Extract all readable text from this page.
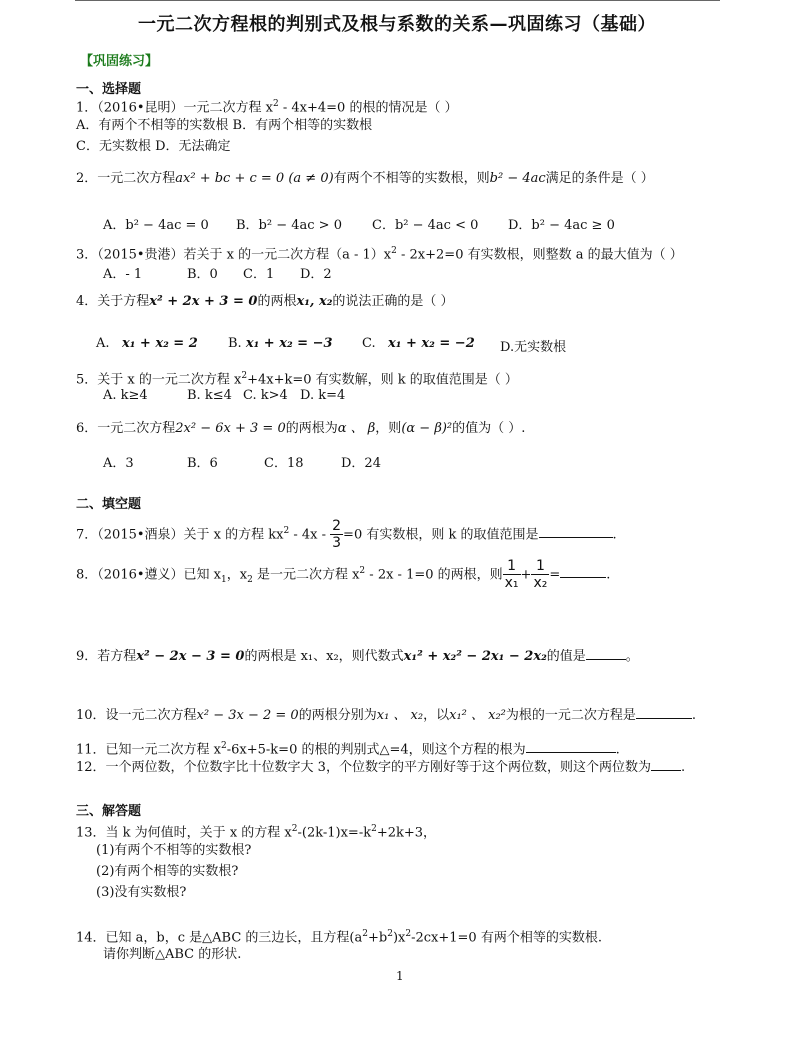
一元二次方程根的判别式及根与系数的关系—巩固练习（基础）
【巩固练习】
一、选择题
1．（2016•昆明）一元二次方程 $x^2 - 4x+4=0$ 的根的情况是（ ）
A．有两个不相等的实数根 B．有两个相等的实数根
C．无实数根 D．无法确定
2．一元二次方程ax² + bc + c = 0 (a ≠ 0)有两个不相等的实数根，则b² − 4ac满足的条件是（ ）
A．b² − 4ac = 0 B．b² − 4ac > 0 C．b² − 4ac < 0 D．b² − 4ac ≥ 0
3．（2015•贵港）若关于 x 的一元二次方程$(a - 1)x^2 - 2x+2=0$ 有实数根，则整数 a 的最大值为（ ）
A．- 1	B．0 C．1 D．2
4．关于方程x² + 2x + 3 = 0的两根x₁, x₂的说法正确的是（ ）
A. x₁ + x₂ = 2 B. x₁ + x₂ = −3 C. x₁ + x₂ = −2 D.无实数根
5．关于 x 的一元二次方程 $x^2+4x+k=0$ 有实数解，则 k 的取值范围是（ ）
A. k≥4	B. k≤4 C. k>4 D. k=4
6．一元二次方程2x² − 6x + 3 = 0的两根为α 、 β，则(α − β)²的值为（ ）.
A．3	B．6	C．18	D．24
二、填空题
7．（2015•酒泉）关于 x 的方程 $kx^2 - 4x - \frac{2}{3} =0$ 有实数根，则 k 的取值范围是	.
8．（2016•遵义）已知 $x_1$，$x_2$ 是一元二次方程 $x^2 - 2x - 1=0$ 的两根，则 $\frac{1}{\text{x₁}} + \frac{1}{\text{x₂}}$ =	.
9．若方程x² − 2x − 3 = 0的两根是 x₁、x₂，则代数式x₁² + x₂² − 2x₁ − 2x₂的值是	。
10．设一元二次方程x² − 3x − 2 = 0的两根分别为x₁ 、 x₂，以x₁² 、 x₂²为根的一元二次方程是	.
11．已知一元二次方程 $x^2-6x+5-k=0$ 的根的判别式△=4，则这个方程的根为	.
12．一个两位数，个位数字比十位数字大 3，个位数字的平方刚好等于这个两位数，则这个两位数为 .
三、解答题
13．当 k 为何值时，关于 x 的方程 $x^2-(2k-1)x=-k^2+2k+3$，
(1)有两个不相等的实数根?
(2)有两个相等的实数根?
(3)没有实数根?
14．已知 a，b，c 是△ABC 的三边长，且方程$(a^2+b^2)x^2-2cx+1=0$ 有两个相等的实数根.
请你判断△ABC 的形状.
1
